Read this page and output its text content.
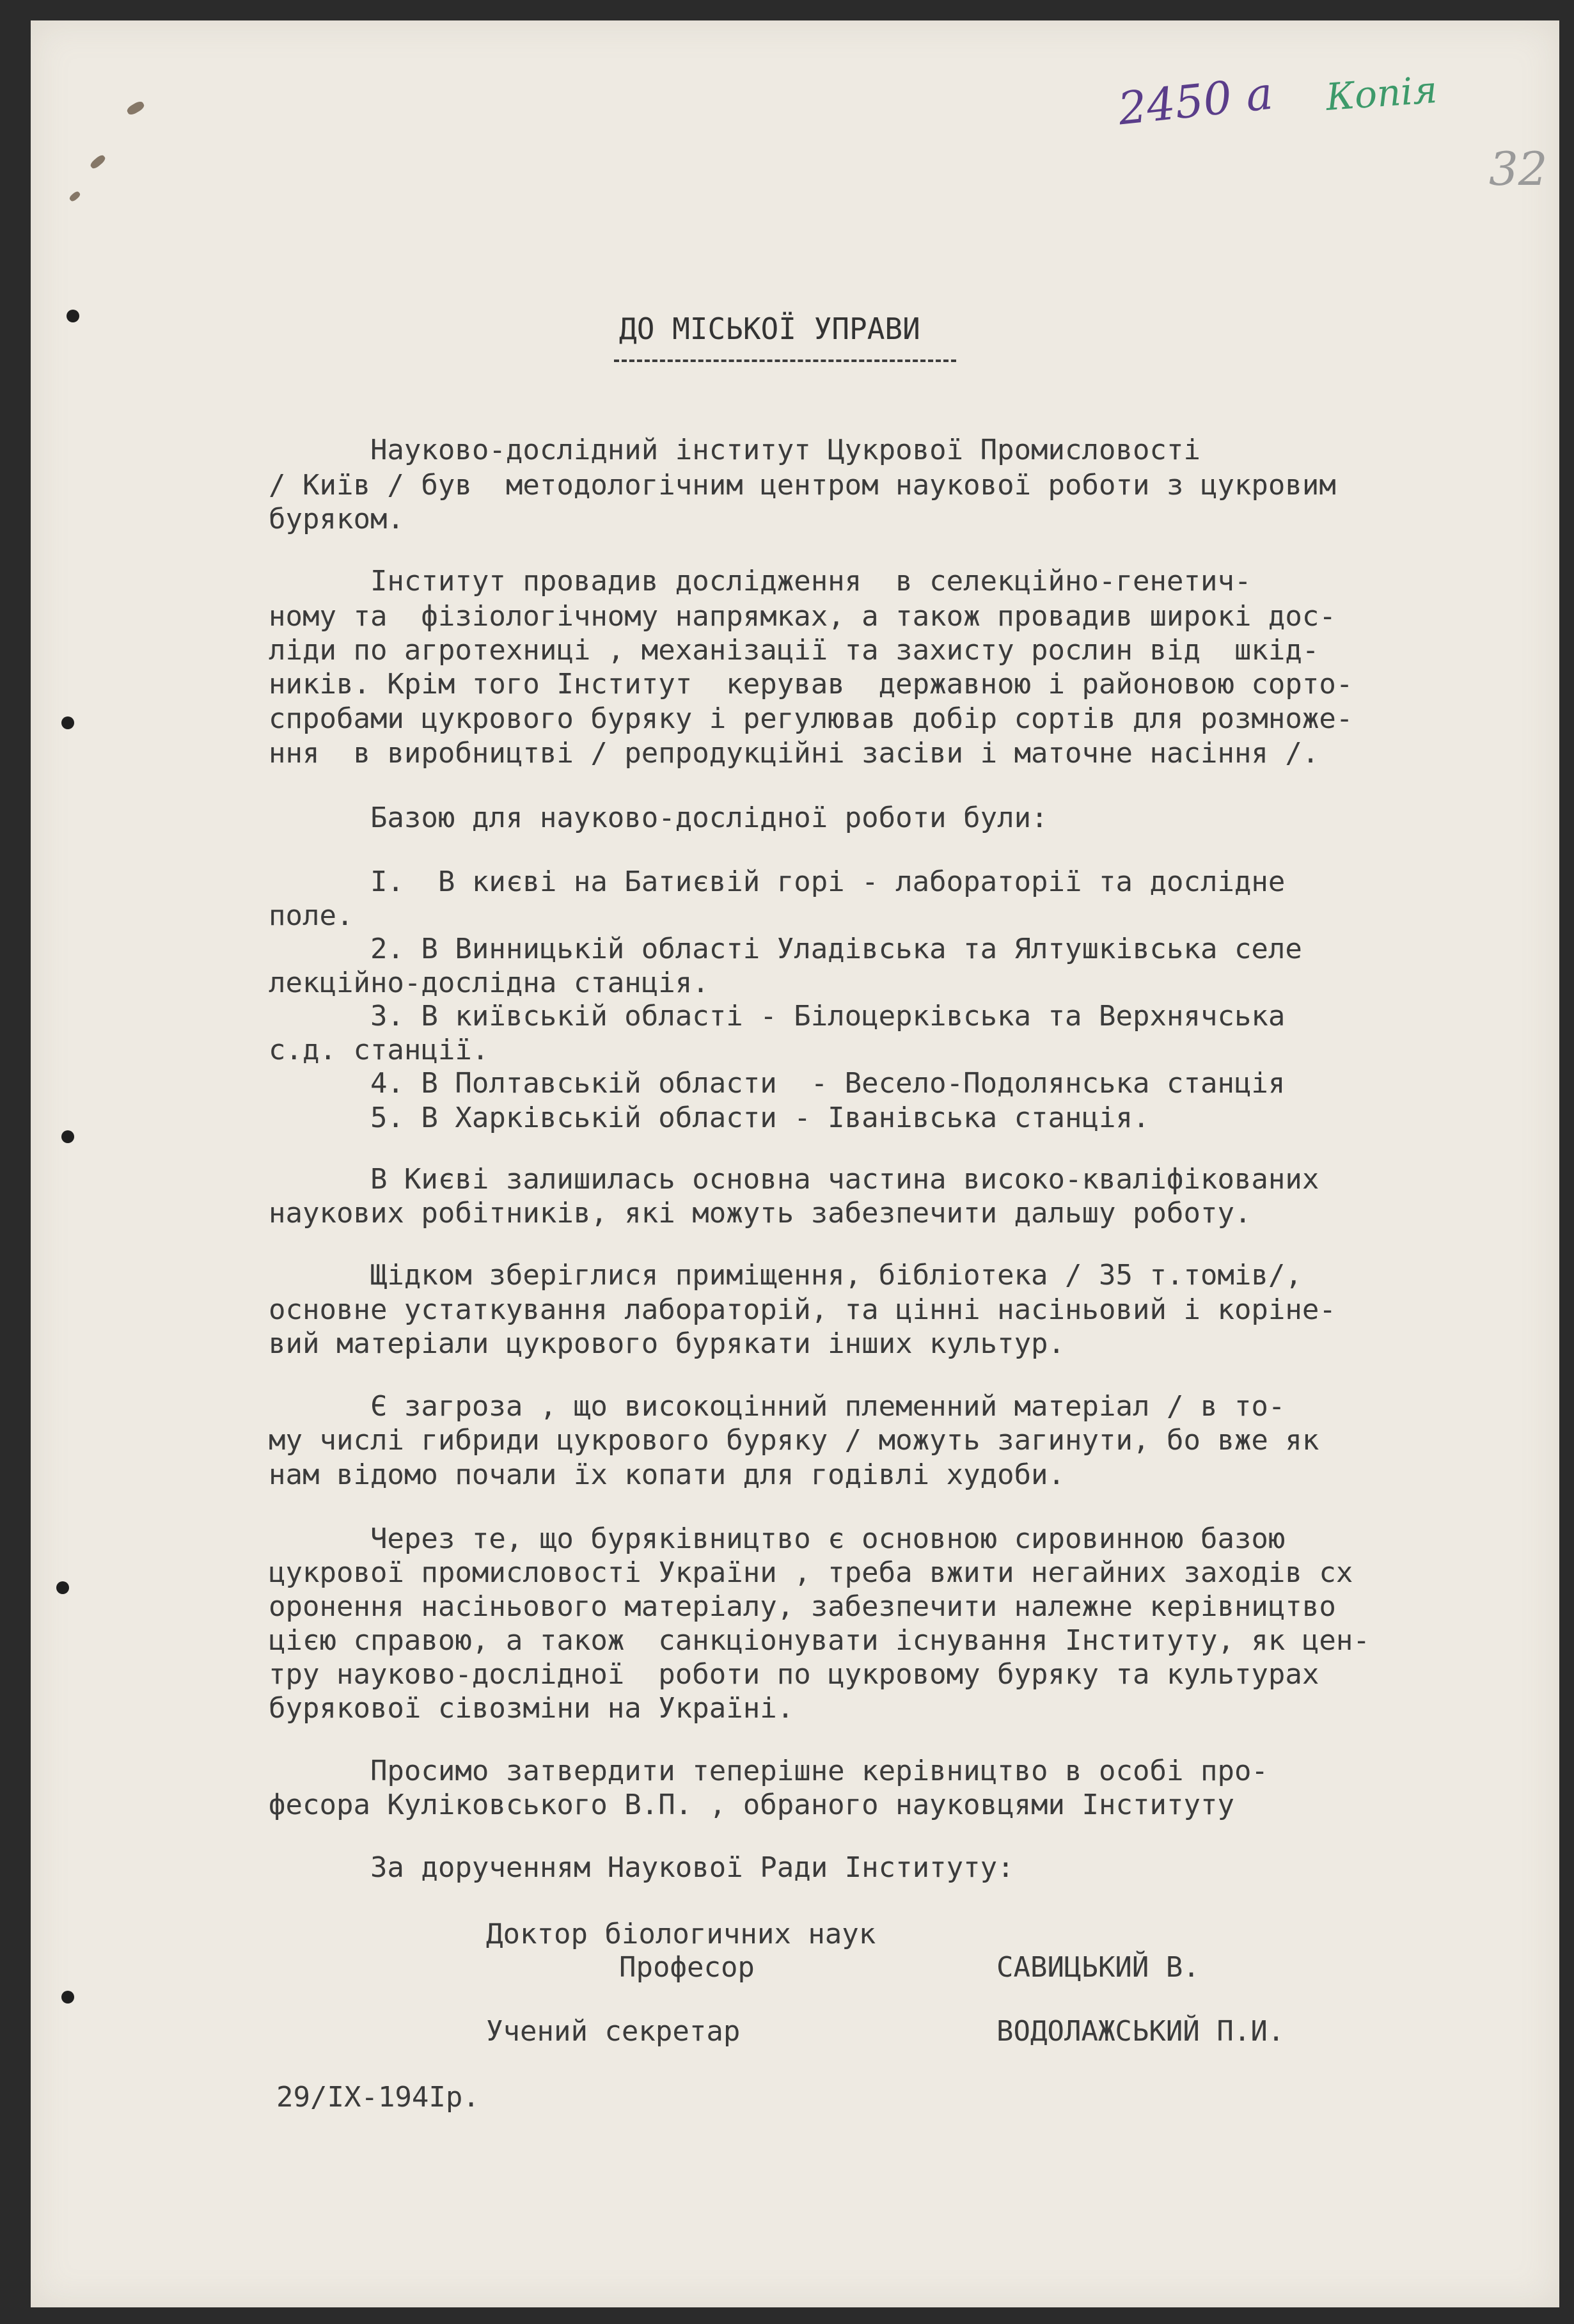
2450 а Копія
32
ДО МІСЬКОЇ УПРАВИ
Науково-дослідний інститут Цукрової Промисловості
/ Київ / був  методологічним центром наукової роботи з цукровим
буряком.
Інститут провадив дослідження  в селекційно-генетич-
ному та  фізіологічному напрямках, а також провадив широкі дос-
ліди по агротехниці , механізації та захисту рослин від  шкід-
ників. Крім того Інститут  керував  державною і районовою сорто-
спробами цукрового буряку і регулював добір сортів для розмноже-
ння  в виробництві / репродукційні засіви і маточне насіння /.
Базою для науково-дослідної роботи були:
І.  В києві на Батиєвій горі - лабораторії та дослідне
поле.
2. В Винницькій області Уладівська та Ялтушківська селе
лекційно-дослідна станція.
3. В київській області - Білоцерківська та Верхнячська
с.д. станції.
4. В Полтавській области  - Весело-Подолянська станція
5. В Харківській области - Іванівська станція.
В Києві залишилась основна частина високо-кваліфікованих
наукових робітників, які можуть забезпечити дальшу роботу.
Щідком зберіглися приміщення, бібліотека / 35 т.томів/,
основне устаткування лабораторій, та цінні насіньовий і коріне-
вий матеріали цукрового бурякати інших культур.
Є загроза , що високоцінний племенний матеріал / в то-
му числі гибриди цукрового буряку / можуть загинути, бо вже як
нам відомо почали їх копати для годівлі худоби.
Через те, що буряківництво є основною сировинною базою
цукрової промисловості України , треба вжити негайних заходів сх
оронення насіньового матеріалу, забезпечити належне керівництво
цією справою, а також  санкціонувати існування Інституту, як цен-
тру науково-дослідної  роботи по цукровому буряку та культурах
бурякової сівозміни на Україні.
Просимо затвердити теперішне керівництво в особі про-
фесора Куліковського В.П. , обраного науковцями Інституту
За дорученням Наукової Ради Інституту:
Доктор біологичних наук
Професор	САВИЦЬКИЙ В.
Учений секретар	ВОДОЛАЖСЬКИЙ П.И.
29/ІХ-194Ір.
